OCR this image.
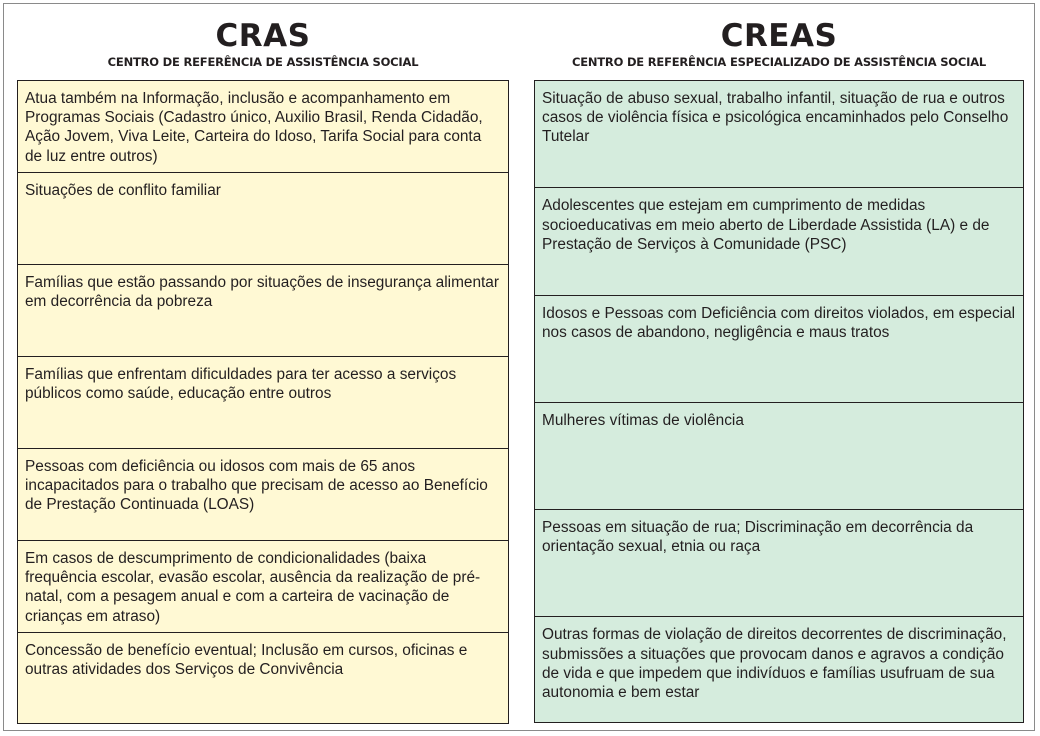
CRAS
CENTRO DE REFERÊNCIA DE ASSISTÊNCIA SOCIAL
Atua também na Informação, inclusão e acompanhamento em Programas Sociais (Cadastro único, Auxilio Brasil, Renda Cidadão, Ação Jovem, Viva Leite, Carteira do Idoso, Tarifa Social para conta de luz entre outros)
Situações de conflito familiar
Famílias que estão passando por situações de insegurança alimentar em decorrência da pobreza
Famílias que enfrentam dificuldades para ter acesso a serviços públicos como saúde, educação entre outros
Pessoas com deficiência ou idosos com mais de 65 anos incapacitados para o trabalho que precisam de acesso ao Benefício de Prestação Continuada (LOAS)
Em casos de descumprimento de condicionalidades (baixa frequência escolar, evasão escolar, ausência da realização de pré-natal, com a pesagem anual e com a carteira de vacinação de crianças em atraso)
Concessão de benefício eventual; Inclusão em cursos, oficinas e outras atividades dos Serviços de Convivência
CREAS
CENTRO DE REFERÊNCIA ESPECIALIZADO DE ASSISTÊNCIA SOCIAL
Situação de abuso sexual, trabalho infantil, situação de rua e outros casos de violência física e psicológica encaminhados pelo Conselho Tutelar
Adolescentes que estejam em cumprimento de medidas socioeducativas em meio aberto de Liberdade Assistida (LA) e de Prestação de Serviços à Comunidade (PSC)
Idosos e Pessoas com Deficiência com direitos violados, em especial nos casos de abandono, negligência e maus tratos
Mulheres vítimas de violência
Pessoas em situação de rua; Discriminação em decorrência da orientação sexual, etnia ou raça
Outras formas de violação de direitos decorrentes de discriminação, submissões a situações que provocam danos e agravos a condição de vida e que impedem que indivíduos e famílias usufruam de sua autonomia e bem estar
